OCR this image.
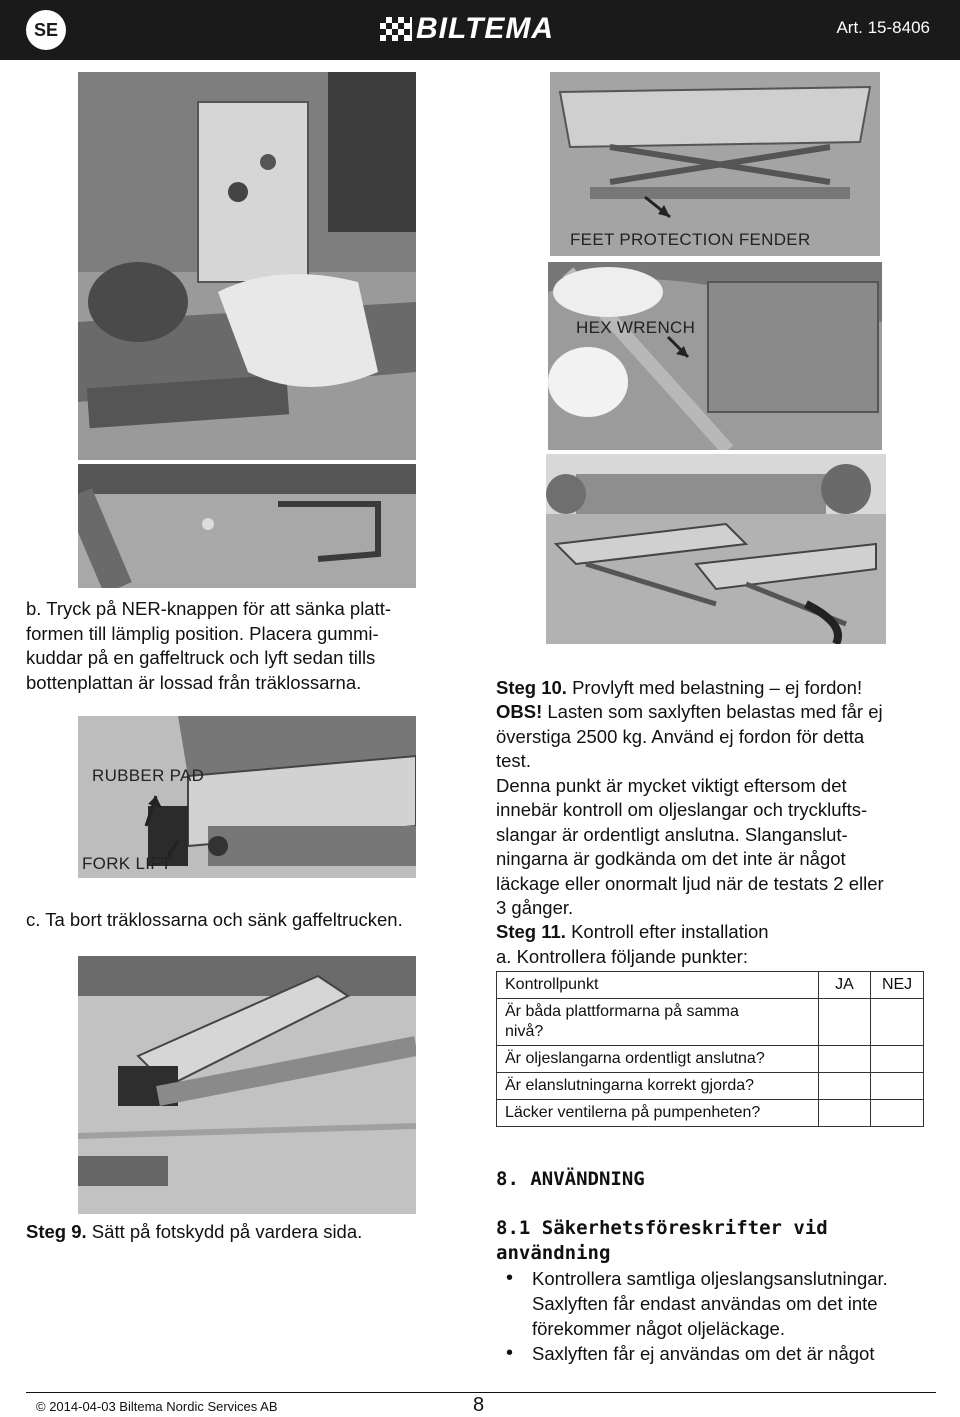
SE	BILTEMA	Art. 15-8406
FEET PROTECTION FENDER
HEX WRENCH
b. Tryck på NER-knappen för att sänka platt-
formen till lämplig position. Placera gummi-
kuddar på en gaffeltruck och lyft sedan tills
bottenplattan är lossad från träklossarna.
RUBBER PAD
FORK LIFT
c. Ta bort träklossarna och sänk gaffeltrucken.
Steg 9. Sätt på fotskydd på vardera sida.

Steg 10. Provlyft med belastning – ej fordon!
OBS! Lasten som saxlyften belastas med får ej
överstiga 2500 kg. Använd ej fordon för detta
test.
Denna punkt är mycket viktigt eftersom det
innebär kontroll om oljeslangar och trycklufts-
slangar är ordentligt anslutna. Slanganslut-
ningarna är godkända om det inte är något
läckage eller onormalt ljud när de testats 2 eller
3 gånger.

Steg 11. Kontroll efter installation
a. Kontrollera följande punkter:
Kontrollpunkt	JA	NEJ
Är båda plattformarna på samma
nivå?		
Är oljeslangarna ordentligt anslutna?		
Är elanslutningarna korrekt gjorda?		
Läcker ventilerna på pumpenheten?		
8. ANVÄNDNING
8.1 Säkerhetsföreskrifter vid
användning
• Kontrollera samtliga oljeslangsanslutningar.
Saxlyften får endast användas om det inte
förekommer något oljeläckage.
• Saxlyften får ej användas om det är något
© 2014-04-03 Biltema Nordic Services AB	8
